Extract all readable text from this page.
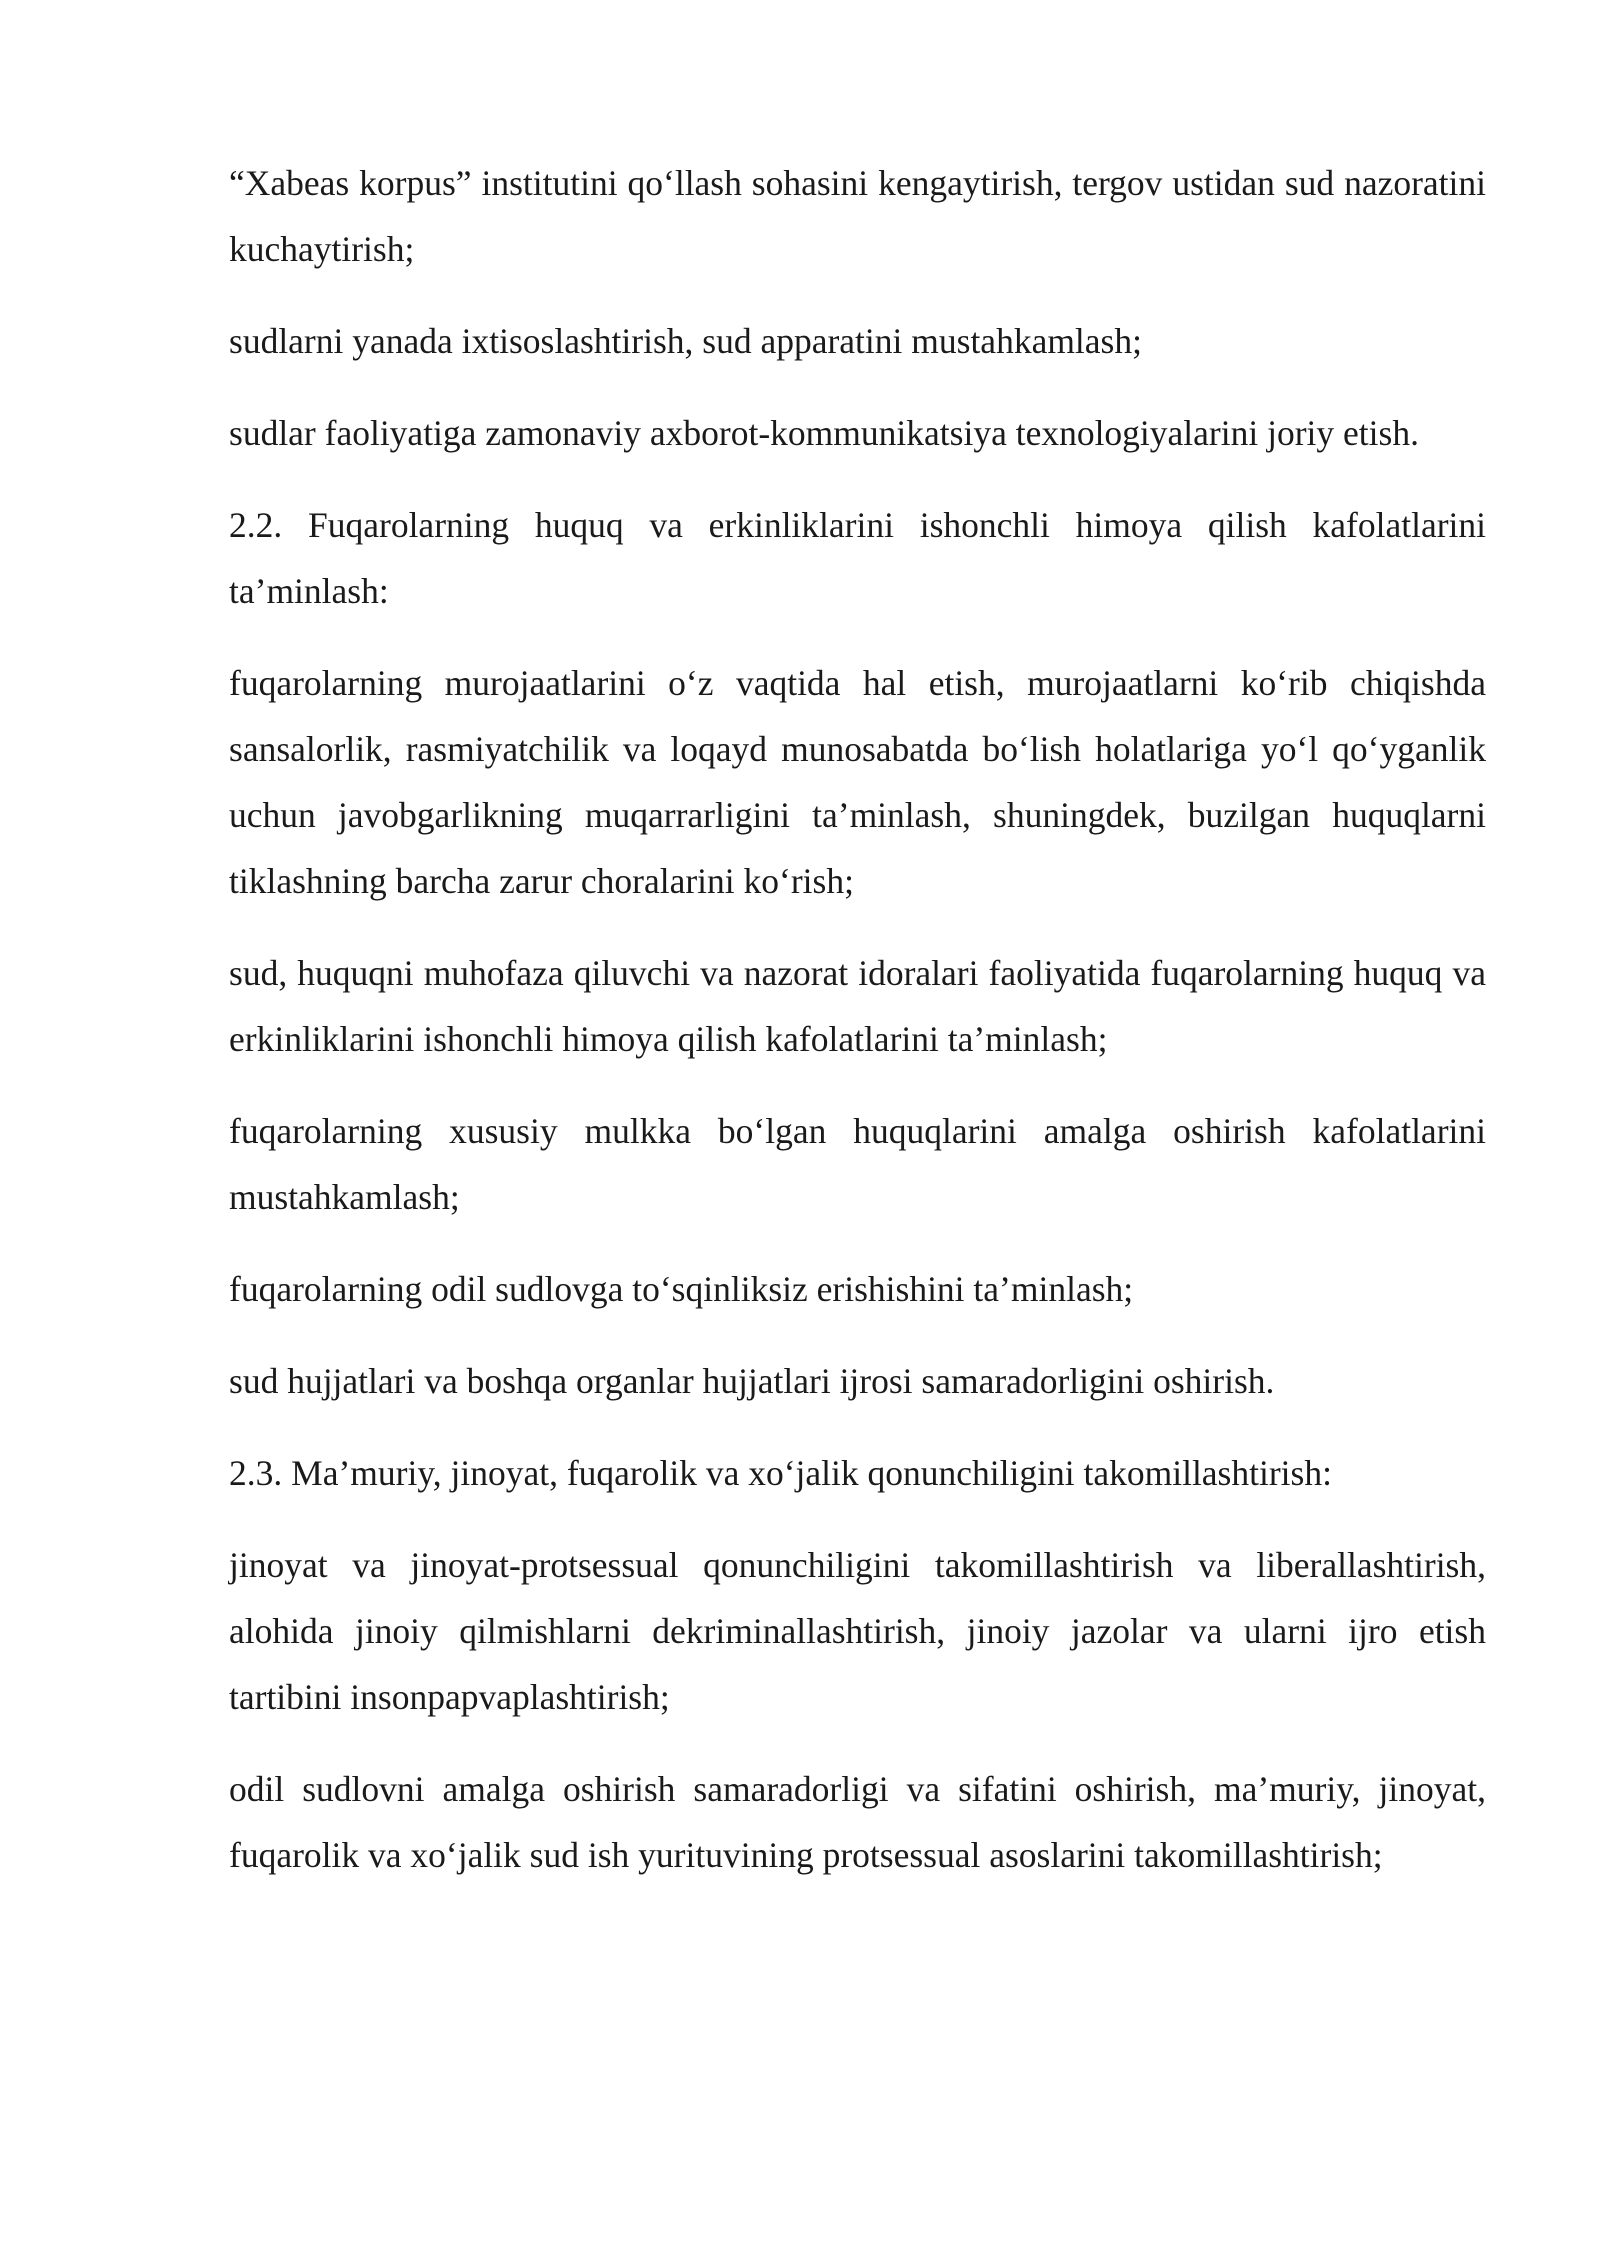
“Xabeas korpus” institutini qo‘llash sohasini kengaytirish, tergov ustidan sud nazoratini kuchaytirish;

sudlarni yanada ixtisoslashtirish, sud apparatini mustahkamlash;

sudlar faoliyatiga zamonaviy axborot-kommunikatsiya texnologiyalarini joriy etish.

2.2. Fuqarolarning huquq va erkinliklarini ishonchli himoya qilish kafolatlarini ta’minlash:

fuqarolarning murojaatlarini o‘z vaqtida hal etish, murojaatlarni ko‘rib chiqishda sansalorlik, rasmiyatchilik va loqayd munosabatda bo‘lish holatlariga yo‘l qo‘yganlik uchun javobgarlikning muqarrarligini ta’minlash, shuningdek, buzilgan huquqlarni tiklashning barcha zarur choralarini ko‘rish;

sud, huquqni muhofaza qiluvchi va nazorat idoralari faoliyatida fuqarolarning huquq va erkinliklarini ishonchli himoya qilish kafolatlarini ta’minlash;

fuqarolarning xususiy mulkka bo‘lgan huquqlarini amalga oshirish kafolatlarini mustahkamlash;

fuqarolarning odil sudlovga to‘sqinliksiz erishishini ta’minlash;

sud hujjatlari va boshqa organlar hujjatlari ijrosi samaradorligini oshirish.

2.3. Ma’muriy, jinoyat, fuqarolik va xo‘jalik qonunchiligini takomillashtirish:

jinoyat va jinoyat-protsessual qonunchiligini takomillashtirish va liberallashtirish, alohida jinoiy qilmishlarni dekriminallashtirish, jinoiy jazolar va ularni ijro etish tartibini insonpapvaplashtirish;

odil sudlovni amalga oshirish samaradorligi va sifatini oshirish, ma’muriy, jinoyat, fuqarolik va xo‘jalik sud ish yurituvining protsessual asoslarini takomillashtirish;
